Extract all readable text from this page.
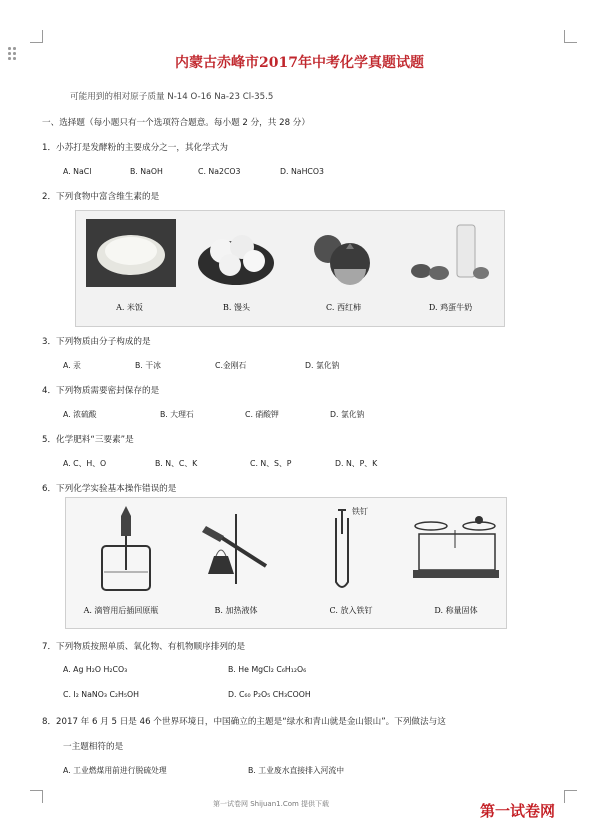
内蒙古赤峰市2017年中考化学真题试题
可能用到的相对原子质量 N-14 O-16 Na-23 Cl-35.5
一、选择题（每小题只有一个选项符合题意。每小题 2 分，共 28 分）
1．小苏打是发酵粉的主要成分之一，其化学式为
A. NaCl	B. NaOH	C. Na2CO3	D. NaHCO3
2．下列食物中富含维生素的是
A. 米饭	B. 馒头	C. 西红柿	D. 鸡蛋牛奶
3．下列物质由分子构成的是
A. 汞	B. 干冰	C.金刚石	D. 氯化钠
4．下列物质需要密封保存的是
A. 浓硫酸	B. 大理石	C. 硝酸钾	D. 氯化钠
5．化学肥料“三要素”是
A. C、H、O	B. N、C、K	C. N、S、P	D. N、P、K
6．下列化学实验基本操作错误的是
铁钉
A. 滴管用后插回原瓶	B. 加热液体	C. 放入铁钉	D. 称量固体
7．下列物质按照单质、氧化物、有机物顺序排列的是
A. Ag H₂O H₂CO₃	B. He MgCl₂ C₆H₁₂O₆
C. I₂ NaNO₃ C₂H₅OH	D. C₆₀ P₂O₅ CH₃COOH
8．2017 年 6 月 5 日是 46 个世界环境日，中国确立的主题是“绿水和青山就是金山银山”。下列做法与这
一主题相符的是
A. 工业燃煤用前进行脱硫处理	B. 工业废水直接排入河流中
第一试卷网 Shijuan1.Com 提供下载	第一试卷网
